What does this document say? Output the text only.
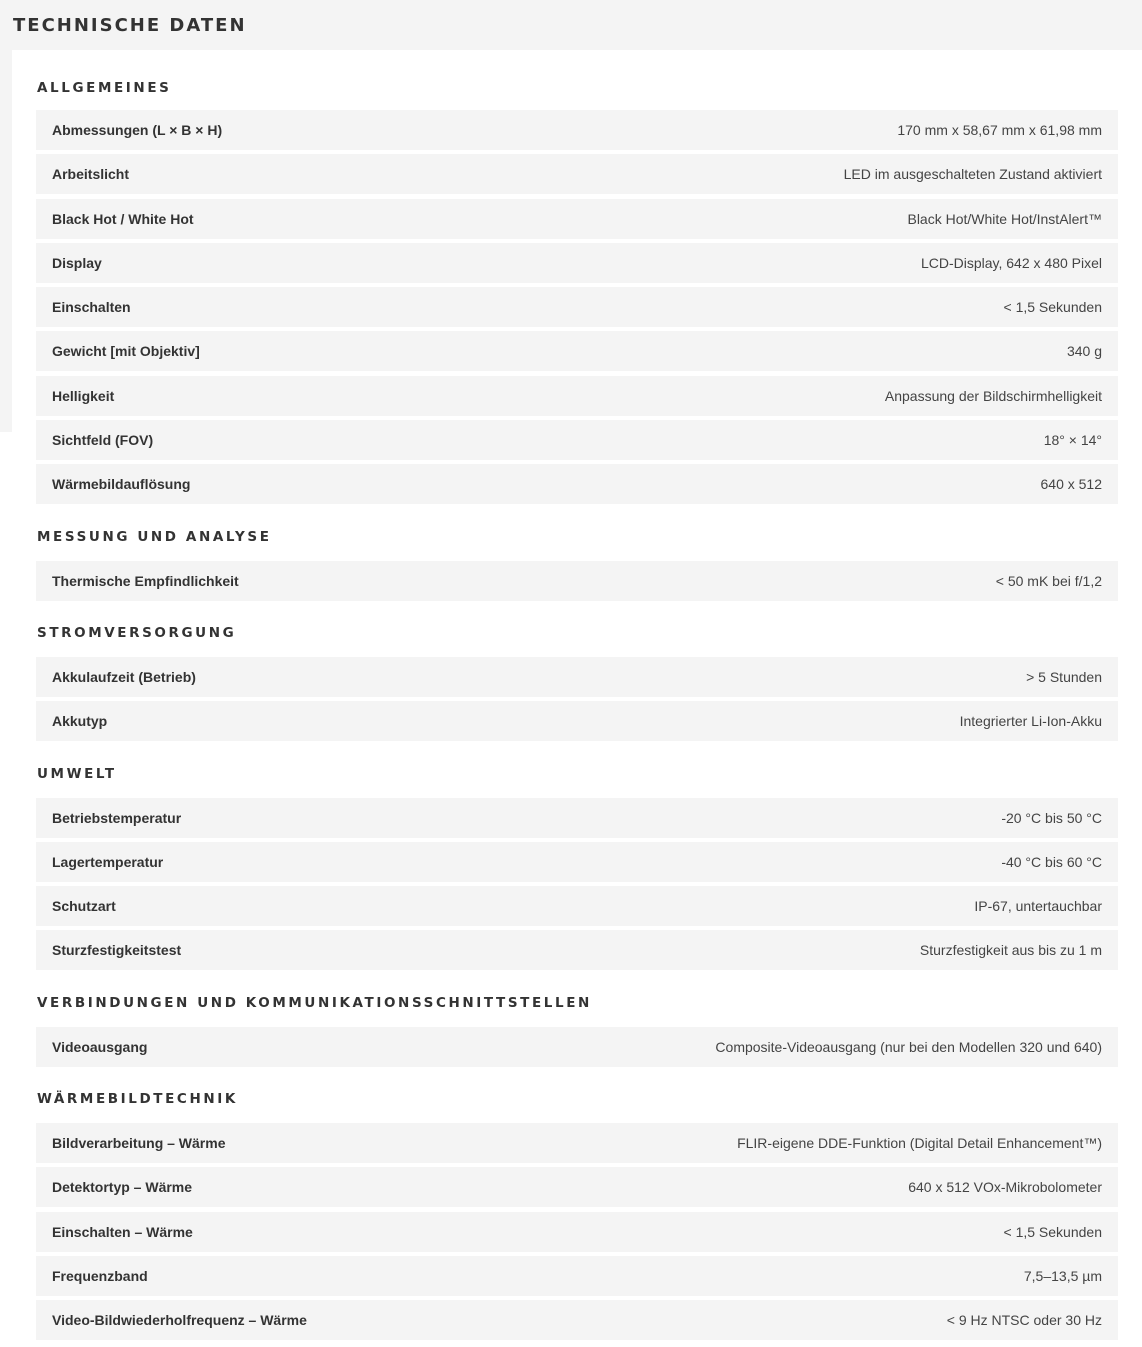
TECHNISCHE DATEN
ALLGEMEINES
Abmessungen (L × B × H)	170 mm x 58,67 mm x 61,98 mm
Arbeitslicht	LED im ausgeschalteten Zustand aktiviert
Black Hot / White Hot	Black Hot/White Hot/InstAlert™
Display	LCD-Display, 642 x 480 Pixel
Einschalten	< 1,5 Sekunden
Gewicht [mit Objektiv]	340 g
Helligkeit	Anpassung der Bildschirmhelligkeit
Sichtfeld (FOV)	18° × 14°
Wärmebildauflösung	640 x 512
MESSUNG UND ANALYSE
Thermische Empfindlichkeit	< 50 mK bei f/1,2
STROMVERSORGUNG
Akkulaufzeit (Betrieb)	> 5 Stunden
Akkutyp	Integrierter Li-Ion-Akku
UMWELT
Betriebstemperatur	-20 °C bis 50 °C
Lagertemperatur	-40 °C bis 60 °C
Schutzart	IP-67, untertauchbar
Sturzfestigkeitstest	Sturzfestigkeit aus bis zu 1 m
VERBINDUNGEN UND KOMMUNIKATIONSSCHNITTSTELLEN
Videoausgang	Composite-Videoausgang (nur bei den Modellen 320 und 640)
WÄRMEBILDTECHNIK
Bildverarbeitung – Wärme	FLIR-eigene DDE-Funktion (Digital Detail Enhancement™)
Detektortyp – Wärme	640 x 512 VOx-Mikrobolometer
Einschalten – Wärme	< 1,5 Sekunden
Frequenzband	7,5–13,5 µm
Video-Bildwiederholfrequenz – Wärme	< 9 Hz NTSC oder 30 Hz
